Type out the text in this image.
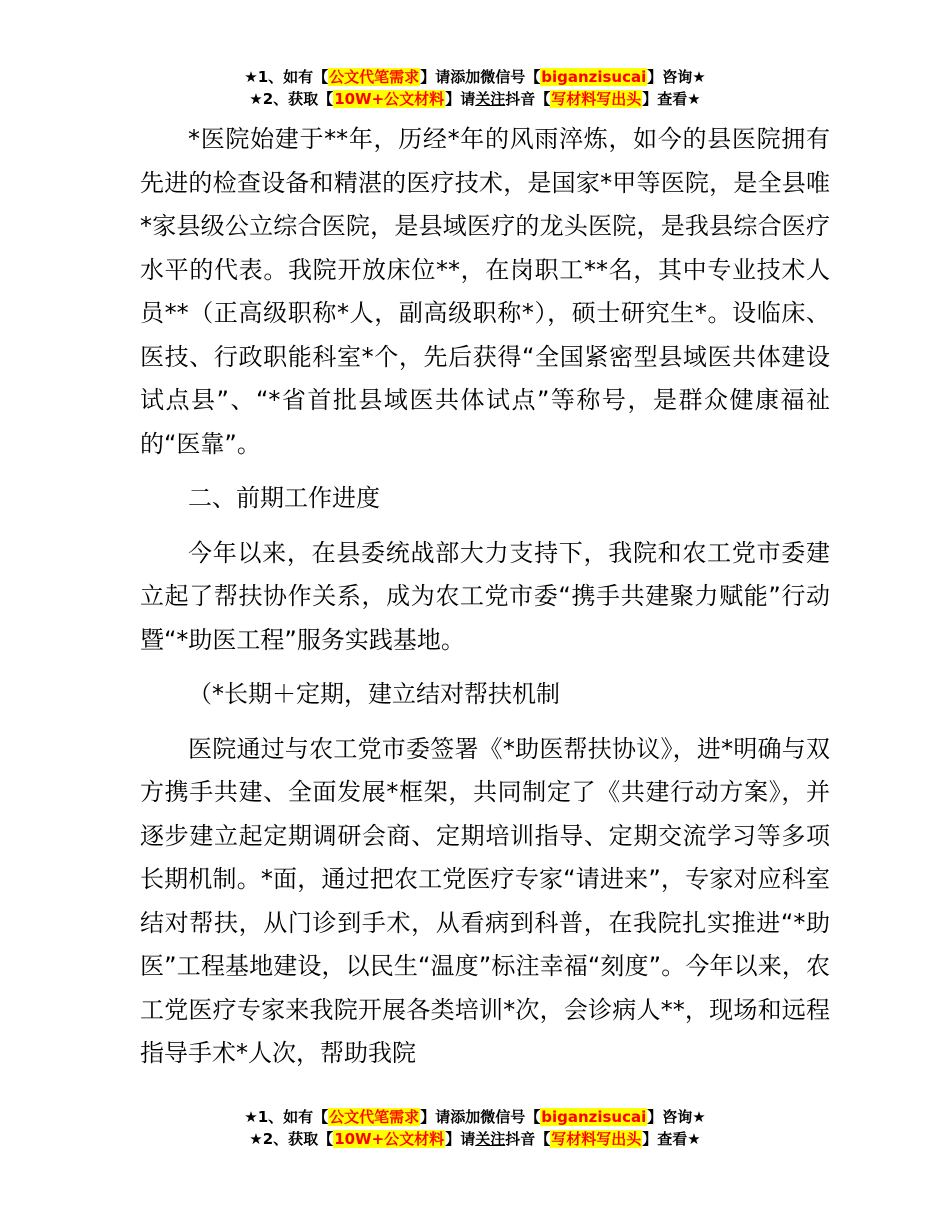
★1、如有【公文代笔需求】请添加微信号【biganzisucai】咨询★
★2、获取【10W+公文材料】请关注抖音【写材料写出头】查看★

*医院始建于**年，历经*年的风雨淬炼，如今的县医院拥有先进的检查设备和精湛的医疗技术，是国家*甲等医院，是全县唯*家县级公立综合医院，是县域医疗的龙头医院，是我县综合医疗水平的代表。我院开放床位**，在岗职工**名，其中专业技术人员**（正高级职称*人，副高级职称*），硕士研究生*。设临床、医技、行政职能科室*个，先后获得“全国紧密型县域医共体建设试点县”、“*省首批县域医共体试点”等称号，是群众健康福祉的“医靠”。

二、前期工作进度

今年以来，在县委统战部大力支持下，我院和农工党市委建立起了帮扶协作关系，成为农工党市委“携手共建聚力赋能”行动暨“*助医工程”服务实践基地。

（*长期＋定期，建立结对帮扶机制

医院通过与农工党市委签署《*助医帮扶协议》，进*明确与双方携手共建、全面发展*框架，共同制定了《共建行动方案》，并逐步建立起定期调研会商、定期培训指导、定期交流学习等多项长期机制。*面，通过把农工党医疗专家“请进来”，专家对应科室结对帮扶，从门诊到手术，从看病到科普，在我院扎实推进“*助医”工程基地建设，以民生“温度”标注幸福“刻度”。今年以来，农工党医疗专家来我院开展各类培训*次，会诊病人**，现场和远程指导手术*人次，帮助我院

★1、如有【公文代笔需求】请添加微信号【biganzisucai】咨询★
★2、获取【10W+公文材料】请关注抖音【写材料写出头】查看★
